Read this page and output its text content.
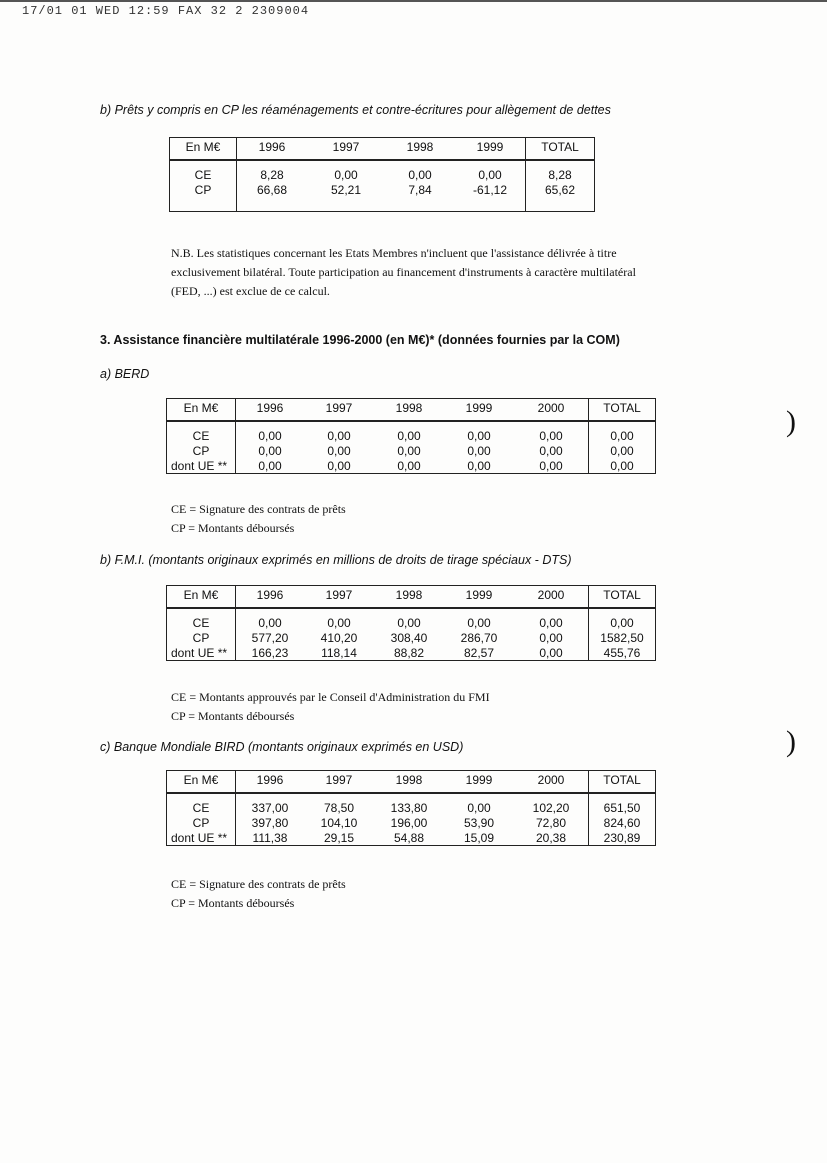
17/01 01 WED 12:59 FAX 32 2 2309004
b) Prêts y compris en CP les réaménagements et contre-écritures pour allègement de dettes
En M€	1996	1997	1998	1999	TOTAL

CE	8,28	0,00	0,00	0,00	8,28
CP	66,68	52,21	7,84	-61,12	65,62

N.B. Les statistiques concernant les Etats Membres n'incluent que l'assistance délivrée à titre
exclusivement bilatéral. Toute participation au financement d'instruments à caractère multilatéral
(FED, ...) est exclue de ce calcul.
3. Assistance financière multilatérale 1996-2000 (en M€)* (données fournies par la COM)
a) BERD
En M€	1996	1997	1998	1999	2000	TOTAL

CE	0,00	0,00	0,00	0,00	0,00	0,00
CP	0,00	0,00	0,00	0,00	0,00	0,00
dont UE **	0,00	0,00	0,00	0,00	0,00	0,00
CE = Signature des contrats de prêts
CP = Montants déboursés
b) F.M.I. (montants originaux exprimés en millions de droits de tirage spéciaux - DTS)
En M€	1996	1997	1998	1999	2000	TOTAL

CE	0,00	0,00	0,00	0,00	0,00	0,00
CP	577,20	410,20	308,40	286,70	0,00	1582,50
dont UE **	166,23	118,14	88,82	82,57	0,00	455,76
CE = Montants approuvés par le Conseil d'Administration du FMI
CP = Montants déboursés
c) Banque Mondiale BIRD (montants originaux exprimés en USD)
En M€	1996	1997	1998	1999	2000	TOTAL

CE	337,00	78,50	133,80	0,00	102,20	651,50
CP	397,80	104,10	196,00	53,90	72,80	824,60
dont UE **	111,38	29,15	54,88	15,09	20,38	230,89
CE = Signature des contrats de prêts
CP = Montants déboursés
)
)
